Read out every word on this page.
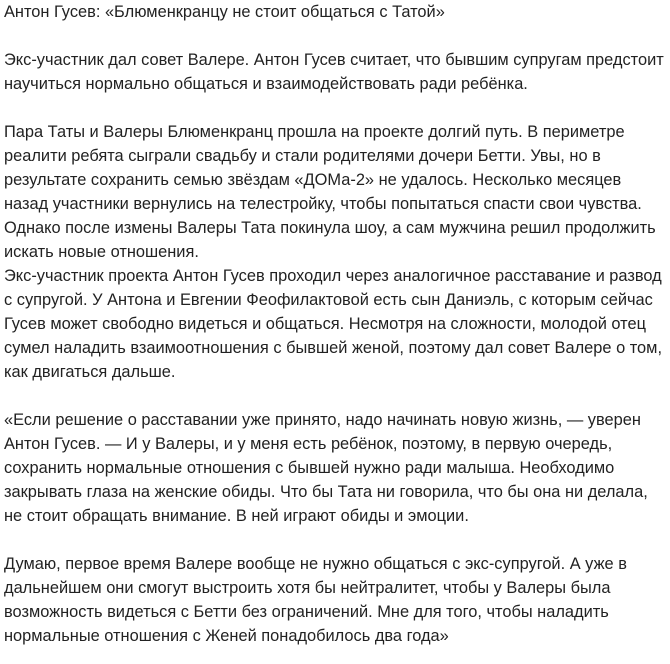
Антон Гусев: «Блюменкранцу не стоит общаться с Татой»

Экс-участник дал совет Валере. Антон Гусев считает, что бывшим супругам предстоит научиться нормально общаться и взаимодействовать ради ребёнка.

Пара Таты и Валеры Блюменкранц прошла на проекте долгий путь. В периметре реалити ребята сыграли свадьбу и стали родителями дочери Бетти. Увы, но в результате сохранить семью звёздам «ДОМа-2» не удалось. Несколько месяцев назад участники вернулись на телестройку, чтобы попытаться спасти свои чувства. Однако после измены Валеры Тата покинула шоу, а сам мужчина решил продолжить искать новые отношения.

Экс-участник проекта Антон Гусев проходил через аналогичное расставание и развод с супругой. У Антона и Евгении Феофилактовой есть сын Даниэль, с которым сейчас Гусев может свободно видеться и общаться. Несмотря на сложности, молодой отец сумел наладить взаимоотношения с бывшей женой, поэтому дал совет Валере о том, как двигаться дальше.

«Если решение о расставании уже принято, надо начинать новую жизнь, — уверен Антон Гусев. — И у Валеры, и у меня есть ребёнок, поэтому, в первую очередь, сохранить нормальные отношения с бывшей нужно ради малыша. Необходимо закрывать глаза на женские обиды. Что бы Тата ни говорила, что бы она ни делала, не стоит обращать внимание. В ней играют обиды и эмоции.

Думаю, первое время Валере вообще не нужно общаться с экс-супругой. А уже в дальнейшем они смогут выстроить хотя бы нейтралитет, чтобы у Валеры была возможность видеться с Бетти без ограничений. Мне для того, чтобы наладить нормальные отношения с Женей понадобилось два года»
